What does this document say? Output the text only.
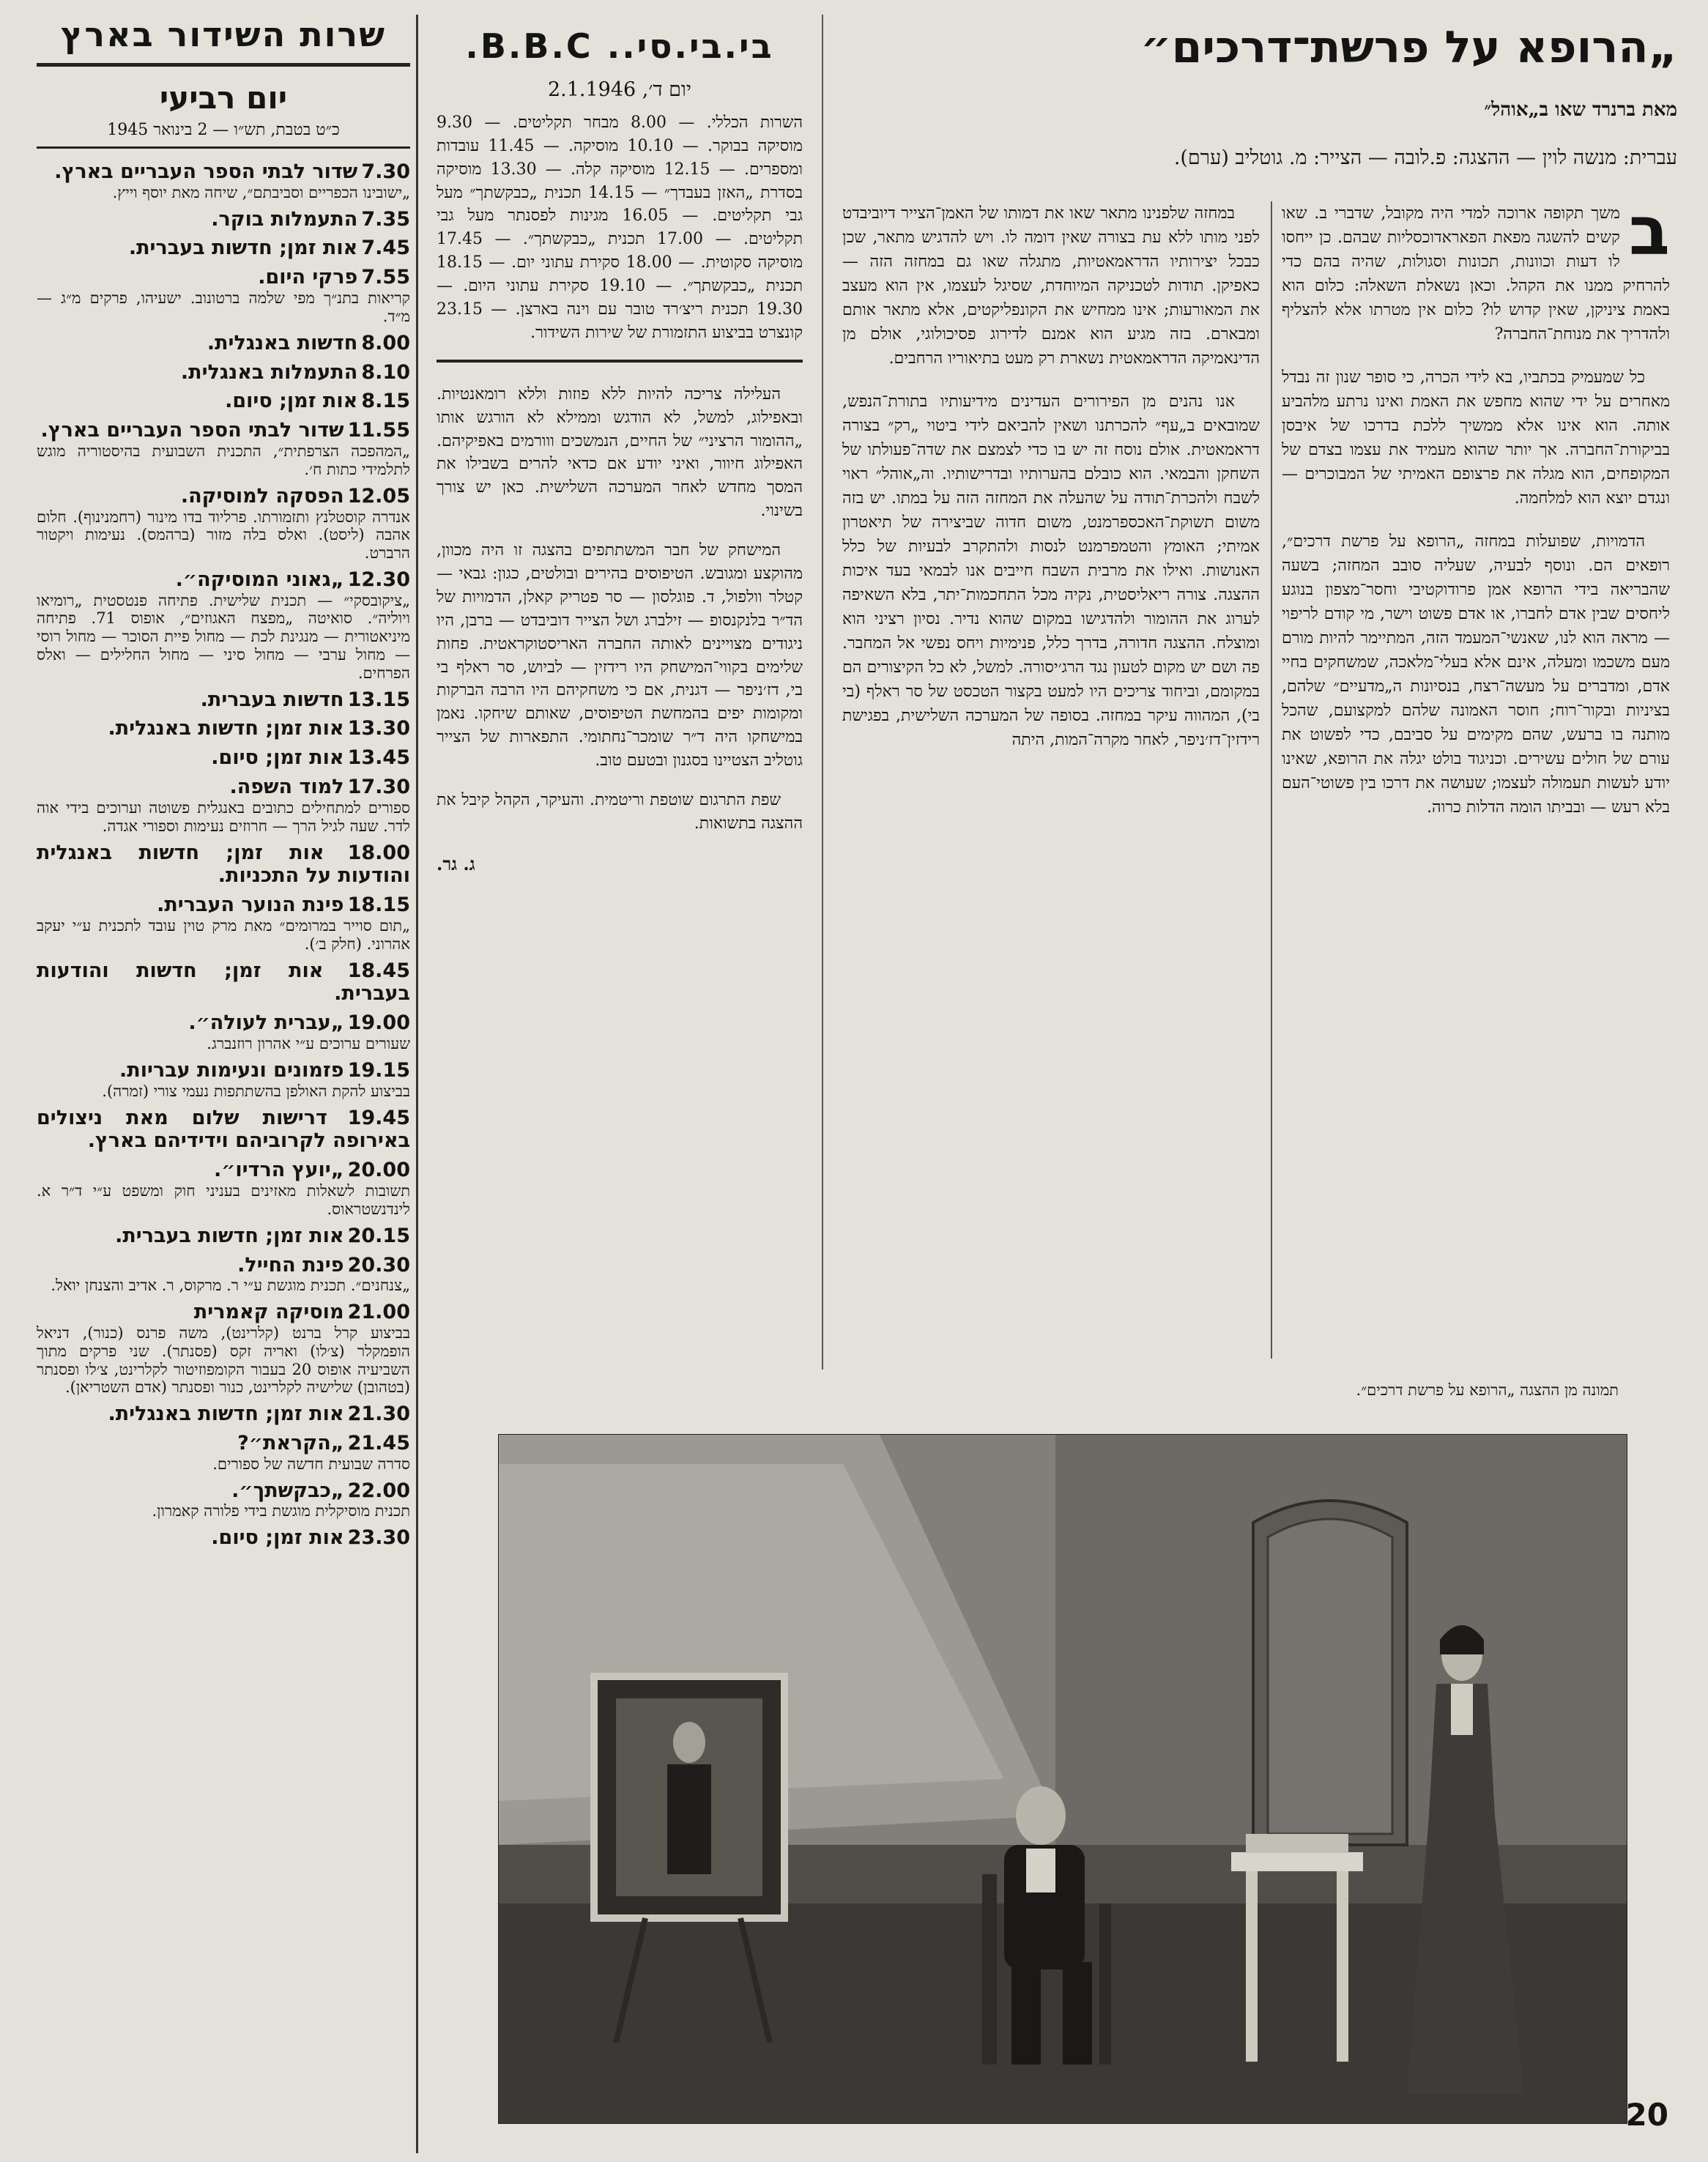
שרות השידור בארץ
יום רביעי
כ״ט בטבת, תש״ו — 2 בינואר 1945
7.30 שדור לבתי הספר העבריים בארץ.
„ישובינו הכפריים וסביבתם״, שיחה מאת יוסף וייץ.
7.35 התעמלות בוקר.
7.45 אות זמן; חדשות בעברית.
7.55 פרקי היום.
קריאות בתנ״ך מפי שלמה ברטונוב. ישעיהו, פרקים מ״ג — מ״ד.
8.00 חדשות באנגלית.
8.10 התעמלות באנגלית.
8.15 אות זמן; סיום.
11.55 שדור לבתי הספר העבריים בארץ.
„המהפכה הצרפתית״, התכנית השבועית בהיסטוריה מוגש לתלמידי כתות ח׳.
12.05 הפסקה למוסיקה.
אנדרה קוסטלנץ ותזמורתו. פרליוד בדו מינור (רחמנינוף). חלום אהבה (ליסט). ואלס בלה מזור (ברהמס). נעימות ויקטור הרברט.
12.30 „גאוני המוסיקה״.
„ציקובסקי״ — תכנית שלישית. פתיחה פנטסטית „רומיאו ויוליה״. סואיטה „מפצח האגוזים״, אופוס 71. פתיחה מיניאטורית — מנגינת לכת — מחול פיית הסוכר — מחול רוסי — מחול ערבי — מחול סיני — מחול החלילים — ואלס הפרחים.
13.15 חדשות בעברית.
13.30 אות זמן; חדשות באנגלית.
13.45 אות זמן; סיום.
17.30 למוד השפה.
ספורים למתחילים כתובים באנגלית פשוטה וערוכים בידי אוה לדר. שעה לגיל הרך — חרוזים נעימות וספורי אגדה.
18.00 אות זמן; חדשות באנגלית והודעות על התכניות.
18.15 פינת הנוער העברית.
„תום סוייר במרומים״ מאת מרק טוין עובד לתכנית ע״י יעקב אהרוני. (חלק ב׳).
18.45 אות זמן; חדשות והודעות בעברית.
19.00 „עברית לעולה״.
שעורים ערוכים ע״י אהרון רוזנברג.
19.15 פזמונים ונעימות עבריות.
בביצוע להקת האולפן בהשתתפות נעמי צורי (זמרה).
19.45 דרישות שלום מאת ניצולים באירופה לקרוביהם וידידיהם בארץ.
20.00 „יועץ הרדיו״.
תשובות לשאלות מאזינים בעניני חוק ומשפט ע״י ד״ר א. לינדנשטראוס.
20.15 אות זמן; חדשות בעברית.
20.30 פינת החייל.
„צנחנים״. תכנית מוגשת ע״י ר. מרקוס, ר. אדיב והצנחן יואל.
21.00 מוסיקה קאמרית
בביצוע קרל ברנט (קלרינט), משה פרנס (כנור), דניאל הופמקלר (צ׳לו) ואריה זקס (פסנתר). שני פרקים מתוך השביעיה אופוס 20 בעבור הקומפוזיטור לקלרינט, צ׳לו ופסנתר (בטהובן) שלישיה לקלרינט, כנור ופסנתר (אדם השטריאן).
21.30 אות זמן; חדשות באנגלית.
21.45 „הקראת״?
סדרה שבועית חדשה של ספורים.
22.00 „כבקשתך״.
תכנית מוסיקלית מוגשת בידי פלורה קאמרון.
23.30 אות זמן; סיום.
בי.בי.סי.. B.B.C.
יום ד׳, 2.1.1946
השרות הכללי. — 8.00 מבחר תקליטים. — 9.30 מוסיקה בבוקר. — 10.10 מוסיקה. — 11.45 עובדות ומספרים. — 12.15 מוסיקה קלה. — 13.30 מוסיקה בסדרת „האזן בעבדך״ — 14.15 תכנית „כבקשתך״ מעל גבי תקליטים. — 16.05 מגינות לפסנתר מעל גבי תקליטים. — 17.00 תכנית „כבקשתך״. — 17.45 מוסיקה סקוטית. — 18.00 סקירת עתוני יום. — 18.15 תכנית „כבקשתך״. — 19.10 סקירת עתוני היום. — 19.30 תכנית ריצ׳רד טובר עם וינה בארצן. — 23.15 קונצרט בביצוע התזמורת של שירות השידור.

העלילה צריכה להיות ללא פוזות וללא רומאנטיות. ובאפילוג, למשל, לא הודגש וממילא לא הורגש אותו „ההומור הרציני״ של החיים, הנמשכים ווורמים באפיקיהם. האפילוג חיוור, ואיני יודע אם כדאי להרים בשבילו את המסך מחדש לאחר המערכה השלישית. כאן יש צורך בשינוי.

המישחק של חבר המשתתפים בהצגה זו היה מכוון, מהוקצע ומגובש. הטיפוסים בהירים ובולטים, כגון: גבאי — קטלר וולפול, ד. פוגלסון — סר פטריק קאלן, הדמויות של הד״ר בלנקנסופ — זילברג ושל הצייר דוביבדט — ברבן, היו ניגודים מצויינים לאותה החברה האריסטוקראטית. פחות שלימים בקווי־המישחק היו רידזין — לביוש, סר ראלף בי בי, דז׳ניפר — דגנית, אם כי משחקיהם היו הרבה הברקות ומקומות יפים בהמחשת הטיפוסים, שאותם שיחקו. נאמן במישחקו היה ד״ר שומכר־נחתומי. התפארות של הצייר גוטליב הצטיינו בסגנון ובטעם טוב.

שפת התרגום שוטפת וריטמית. והעיקר, הקהל קיבל את ההצגה בתשואות.

ג. גר.
„הרופא על פרשת־דרכים״
מאת ברנרד שאו ב„אוהל״
עברית: מנשה לוין — ההצגה: פ.לובה — הצייר: מ. גוטליב (ערם).
ב

משך תקופה ארוכה למדי היה מקובל, שדברי ב. שאו קשים להשגה מפאת הפאראדוכסליות שבהם. כן ייחסו לו דעות וכוונות, תכונות וסגולות, שהיה בהם כדי להרחיק ממנו את הקהל. וכאן נשאלת השאלה: כלום הוא באמת ציניקן, שאין קדוש לו? כלום אין מטרתו אלא להצליף ולהדריך את מנוחת־החברה?

כל שמעמיק בכתביו, בא לידי הכרה, כי סופר שנון זה נבדל מאחרים על ידי שהוא מחפש את האמת ואינו נרתע מלהביע אותה. הוא אינו אלא ממשיך ללכת בדרכו של איבסן בביקורת־החברה. אך יותר שהוא מעמיד את עצמו בצדם של המקופחים, הוא מגלה את פרצופם האמיתי של המבוכרים — ונגדם יוצא הוא למלחמה.

הדמויות, שפועלות במחזה „הרופא על פרשת דרכים״, רופאים הם. ונוסף לבעיה, שעליה סובב המחזה; בשעה שהבריאה בידי הרופא אמן פרודוקטיבי וחסר־מצפון בנוגע ליחסים שבין אדם לחברו, או אדם פשוט וישר, מי קודם לריפוי — מראה הוא לנו, שאנשי־המעמד הזה, המתיימר להיות מורם מעם משכמו ומעלה, אינם אלא בעלי־מלאכה, שמשחקים בחיי אדם, ומדברים על מעשה־רצח, בנסיונות ה„מדעיים״ שלהם, בציניות ובקור־רוח; חוסר האמונה שלהם למקצועם, שהכל מותנה בו ברעש, שהם מקימים על סביבם, כדי לפשוט את עורם של חולים עשירים. וכניגוד בולט יגלה את הרופא, שאינו יודע לעשות תעמולה לעצמו; שעושה את דרכו בין פשוטי־העם בלא רעש — ובביתו הומה הדלות כרוה.

במחזה שלפנינו מתאר שאו את דמותו של האמן־הצייר דיוביבדט לפני מותו ללא עת בצורה שאין דומה לו. ויש להדגיש מתאר, שכן כבכל יצירותיו הדראמאטיות, מתגלה שאו גם במחזה הזה — כאפיקן. תודות לטכניקה המיוחדת, שסיגל לעצמו, אין הוא מעצב את המאורעות; אינו ממחיש את הקונפליקטים, אלא מתאר אותם ומבארם. בזה מגיע הוא אמנם לדירוג פסיכולוגי, אולם מן הדינאמיקה הדראמאטית נשארת רק מעט בתיאוריו הרחבים.

אנו נהנים מן הפירורים העדינים מידיעותיו בתורת־הנפש, שמובאים ב„עף״ להכרתנו ושאין להביאם לידי ביטוי „רק״ בצורה דראמאטית. אולם נוסח זה יש בו כדי לצמצם את שדה־פעולתו של השחקן והבמאי. הוא כובלם בהערותיו ובדרישותיו. וה„אוהל״ ראוי לשבח ולהכרת־תודה על שהעלה את המחזה הזה על במתו. יש בזה משום תשוקת־האכספרמנט, משום חדוה שביצירה של תיאטרון אמיתי; האומץ והטמפרמנט לנסות ולהתקרב לבעיות של כלל האנושות. ואילו את מרבית השבח חייבים אנו לבמאי בעד איכות ההצגה. צורה ריאליסטית, נקיה מכל התחכמות־יתר, בלא השאיפה לערוג את ההומור ולהדגישו במקום שהוא נדיר. נסיון רציני הוא ומוצלח. ההצגה חדורה, בדרך כלל, פנימיות ויחס נפשי אל המחבר. פה ושם יש מקום לטעון נגד הרג׳יסורה. למשל, לא כל הקיצורים הם במקומם, וביחוד צריכים היו למעט בקצור הטכסט של סר ראלף (בי בי), המהווה עיקר במחזה. בסופה של המערכה השלישית, בפגישת רידזין־דז׳ניפר, לאחר מקרה־המות, היתה

תמונה מן ההצגה „הרופא על פרשת דרכים״.
20
